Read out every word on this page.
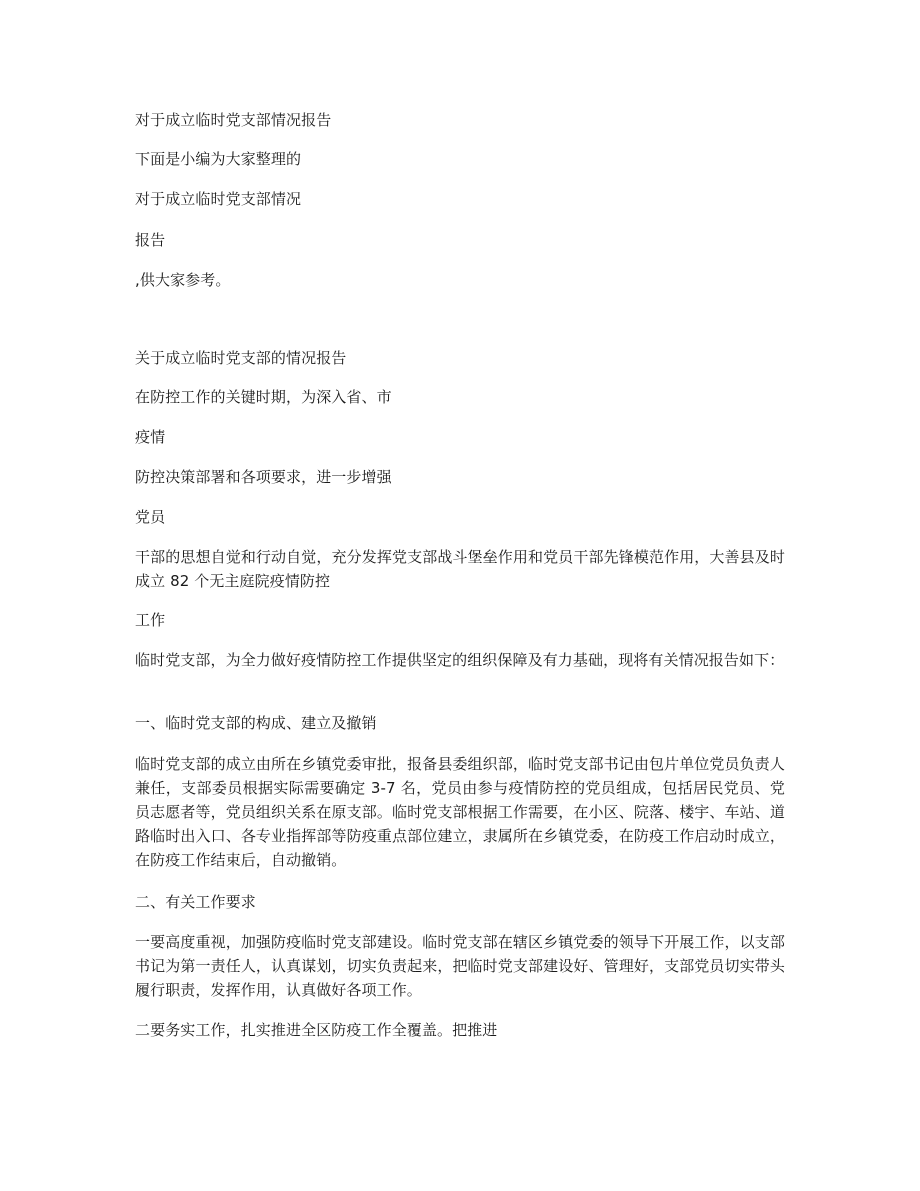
对于成立临时党支部情况报告

下面是小编为大家整理的

对于成立临时党支部情况

报告

,供大家参考。

关于成立临时党支部的情况报告

在防控工作的关键时期，为深入省、市

疫情

防控决策部署和各项要求，进一步增强

党员

干部的思想自觉和行动自觉，充分发挥党支部战斗堡垒作用和党员干部先锋模范作用，大善县及时成立 82 个无主庭院疫情防控

工作

临时党支部，为全力做好疫情防控工作提供坚定的组织保障及有力基础，现将有关情况报告如下：

一、临时党支部的构成、建立及撤销

临时党支部的成立由所在乡镇党委审批，报备县委组织部，临时党支部书记由包片单位党员负责人兼任，支部委员根据实际需要确定 3-7 名，党员由参与疫情防控的党员组成，包括居民党员、党员志愿者等，党员组织关系在原支部。临时党支部根据工作需要，在小区、院落、楼宇、车站、道路临时出入口、各专业指挥部等防疫重点部位建立，隶属所在乡镇党委，在防疫工作启动时成立，在防疫工作结束后，自动撤销。

二、有关工作要求

一要高度重视，加强防疫临时党支部建设。临时党支部在辖区乡镇党委的领导下开展工作，以支部书记为第一责任人，认真谋划，切实负责起来，把临时党支部建设好、管理好，支部党员切实带头履行职责，发挥作用，认真做好各项工作。

二要务实工作，扎实推进全区防疫工作全覆盖。把推进
